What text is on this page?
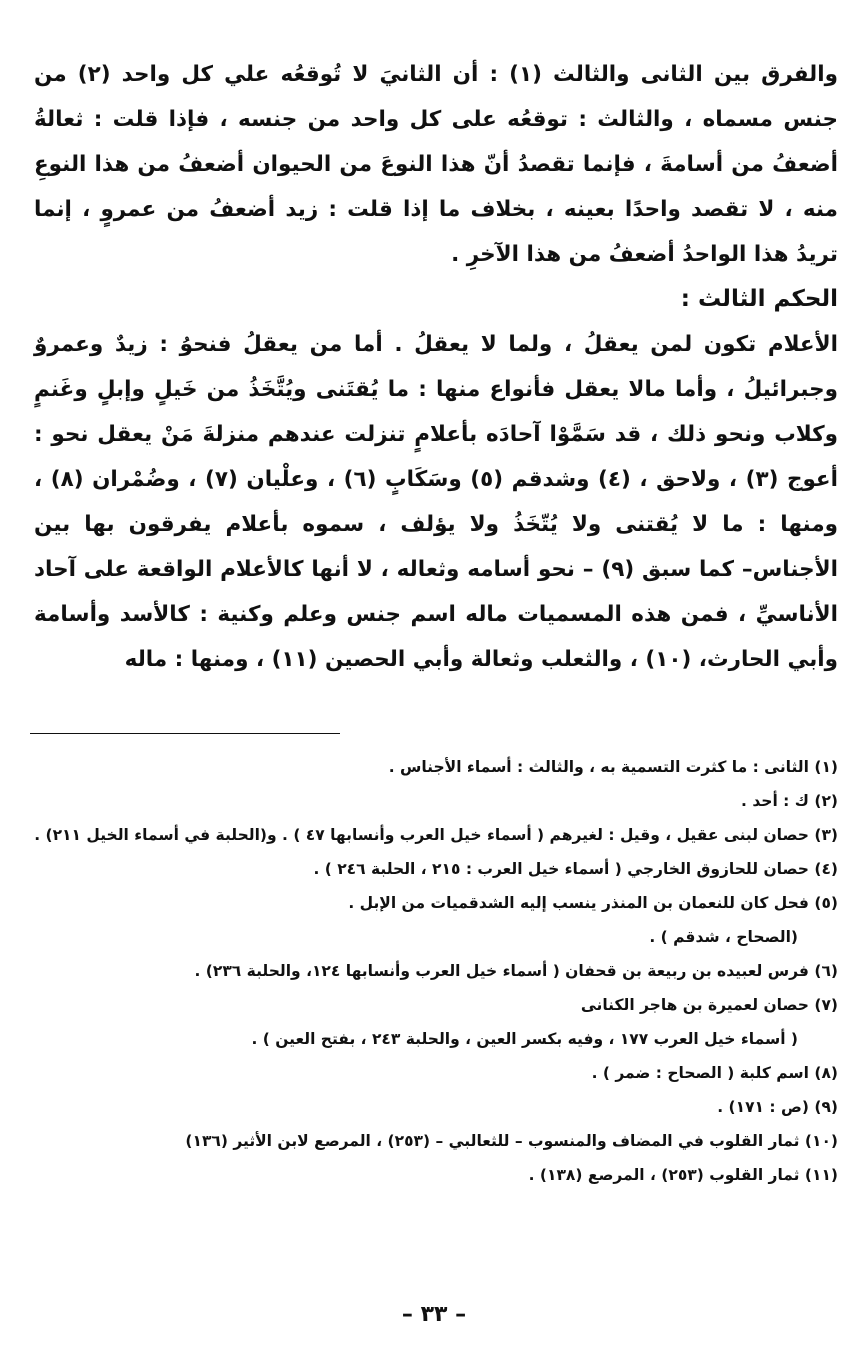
والفرق بين الثانى والثالث (١) : أن الثانيَ لا تُوقعُه علي كل واحد (٢) من جنس مسماه ، والثالث : توقعُه على كل واحد من جنسه ، فإذا قلت : ثعالةُ أضعفُ من أسامةَ ، فإنما تقصدُ أنّ هذا النوعَ من الحيوان أضعفُ من هذا النوعِ منه ، لا تقصد واحدًا بعينه ، بخلاف ما إذا قلت : زيد أضعفُ من عمروٍ ، إنما تريدُ هذا الواحدُ أضعفُ من هذا الآخرِ .

الحكم الثالث :

الأعلام تكون لمن يعقلُ ، ولما لا يعقلُ . أما من يعقلُ فنحوُ : زيدٌ وعمروٌ وجبرائيلُ ، وأما مالا يعقل فأنواع منها : ما يُقتَنى ويُتَّخَذُ من خَيلٍ وإبلٍ وغَنمٍ وكلاب ونحو ذلك ، قد سَمَّوْا آحادَه بأعلامٍ تنزلت عندهم منزلةَ مَنْ يعقل نحو : أعوج (٣) ، ولاحق ، (٤) وشدقم (٥) وسَكَابٍ (٦) ، وعلْيان (٧) ، وضُمْران (٨) ، ومنها : ما لا يُقتنى ولا يُتّخَذُ ولا يؤلف ، سموه بأعلام يفرقون بها بين الأجناس– كما سبق (٩) – نحو أسامه وثعاله ، لا أنها كالأعلام الواقعة على آحاد الأناسيِّ ، فمن هذه المسميات ماله اسم جنس وعلم وكنية : كالأسد وأسامة وأبي الحارث، (١٠) ، والثعلب وثعالة وأبي الحصين (١١) ، ومنها : ماله

(١) الثانى : ما كثرت التسمية به ، والثالث : أسماء الأجناس .

(٢) ك : أحد .

(٣) حصان لبنى عقيل ، وقيل : لغيرهم ( أسماء خيل العرب وأنسابها ٤٧ ) . و(الحلبة في أسماء الخيل ٢١١) .

(٤) حصان للحازوق الخارجي ( أسماء خيل العرب : ٢١٥ ، الحلبة ٢٤٦ ) .

(٥) فحل كان للنعمان بن المنذر ينسب إليه الشدقميات من الإبل .

(الصحاح ، شدقم ) .

(٦) فرس لعبيده بن ربيعة بن قحفان ( أسماء خيل العرب وأنسابها ١٢٤، والحلبة ٢٣٦) .

(٧) حصان لعميرة بن هاجر الكنانى

( أسماء خيل العرب ١٧٧ ، وفيه بكسر العين ، والحلبة ٢٤٣ ، بفتح العين ) .

(٨) اسم كلبة ( الصحاح : ضمر ) .

(٩) (ص : ١٧١) .

(١٠) ثمار القلوب في المضاف والمنسوب – للثعالبي – (٢٥٣) ، المرصع لابن الأثير (١٣٦)

(١١) ثمار القلوب (٢٥٣) ، المرصع (١٣٨) .

– ٣٣ –
